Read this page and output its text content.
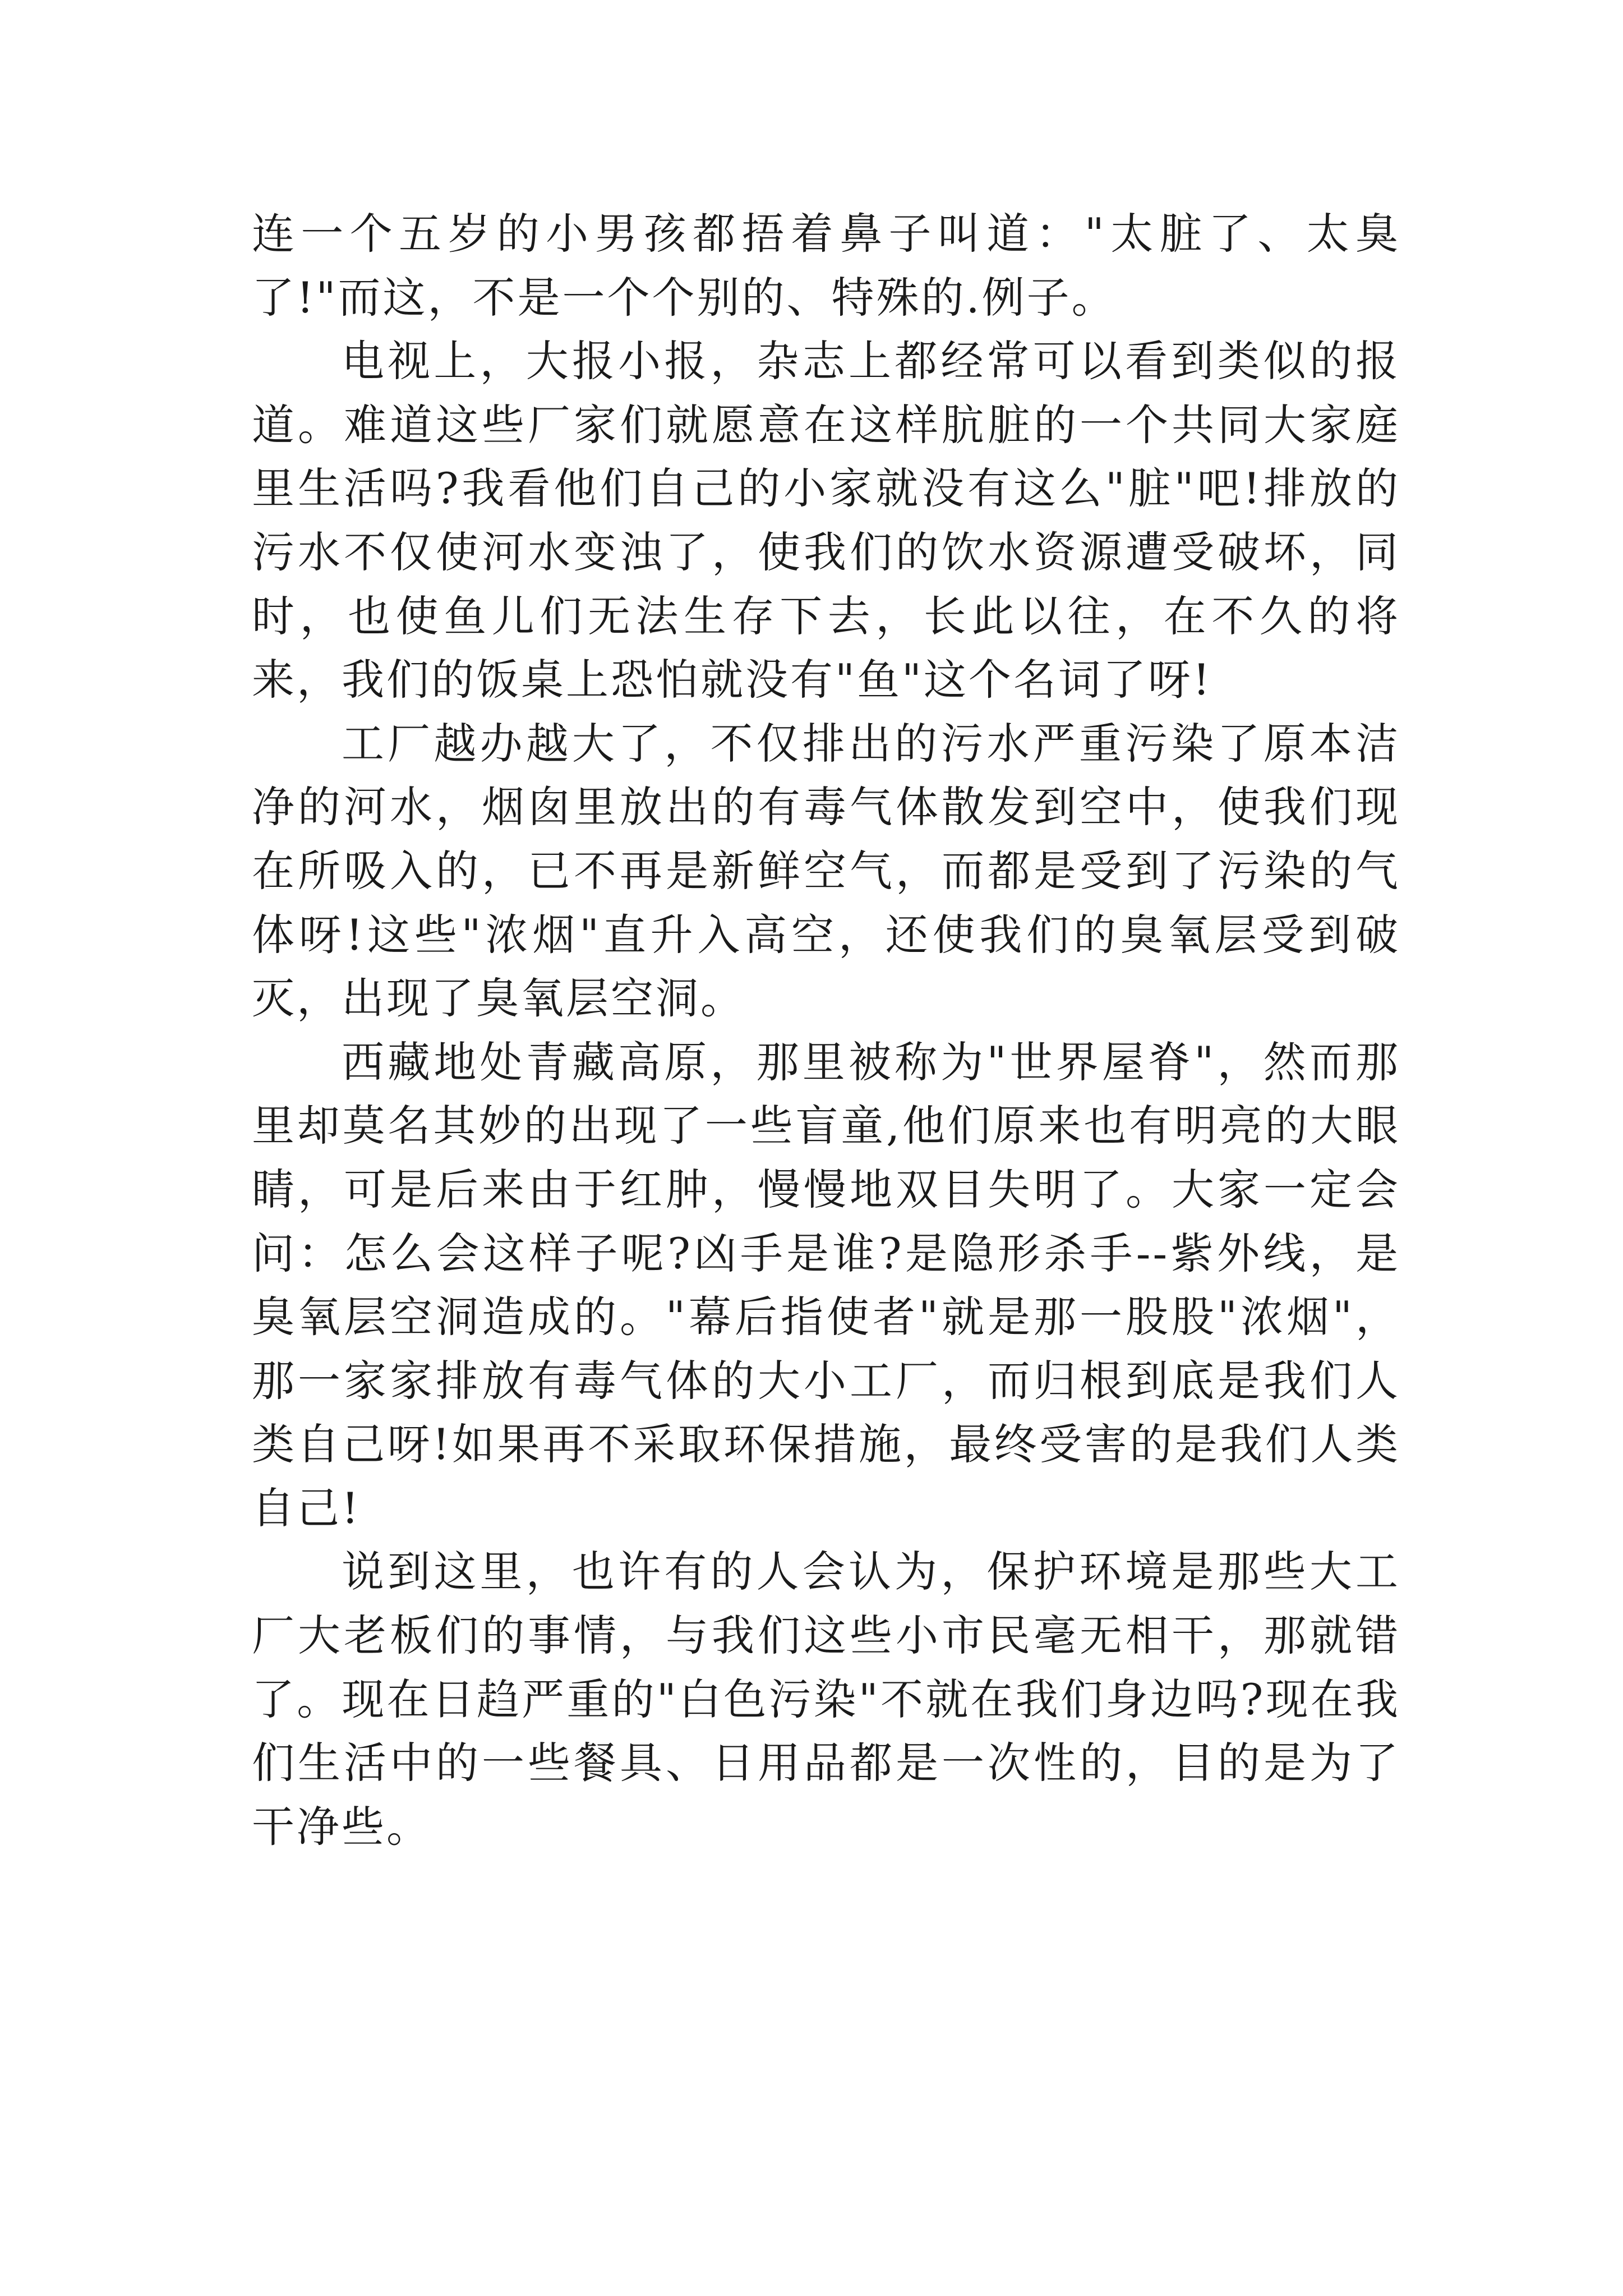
连一个五岁的小男孩都捂着鼻子叫道："太脏了、太臭了!"而这，不是一个个别的、特殊的.例子。

电视上，大报小报，杂志上都经常可以看到类似的报道。难道这些厂家们就愿意在这样肮脏的一个共同大家庭里生活吗?我看他们自己的小家就没有这么"脏"吧!排放的污水不仅使河水变浊了，使我们的饮水资源遭受破坏，同时，也使鱼儿们无法生存下去，长此以往，在不久的将来，我们的饭桌上恐怕就没有"鱼"这个名词了呀!

工厂越办越大了，不仅排出的污水严重污染了原本洁净的河水，烟囱里放出的有毒气体散发到空中，使我们现在所吸入的，已不再是新鲜空气，而都是受到了污染的气体呀!这些"浓烟"直升入高空，还使我们的臭氧层受到破灭，出现了臭氧层空洞。

西藏地处青藏高原，那里被称为"世界屋脊"，然而那里却莫名其妙的出现了一些盲童,他们原来也有明亮的大眼睛，可是后来由于红肿，慢慢地双目失明了。大家一定会问：怎么会这样子呢?凶手是谁?是隐形杀手--紫外线，是臭氧层空洞造成的。"幕后指使者"就是那一股股"浓烟"，那一家家排放有毒气体的大小工厂，而归根到底是我们人类自己呀!如果再不采取环保措施，最终受害的是我们人类自己!

说到这里，也许有的人会认为，保护环境是那些大工厂大老板们的事情，与我们这些小市民毫无相干，那就错了。现在日趋严重的"白色污染"不就在我们身边吗?现在我们生活中的一些餐具、日用品都是一次性的，目的是为了干净些。
